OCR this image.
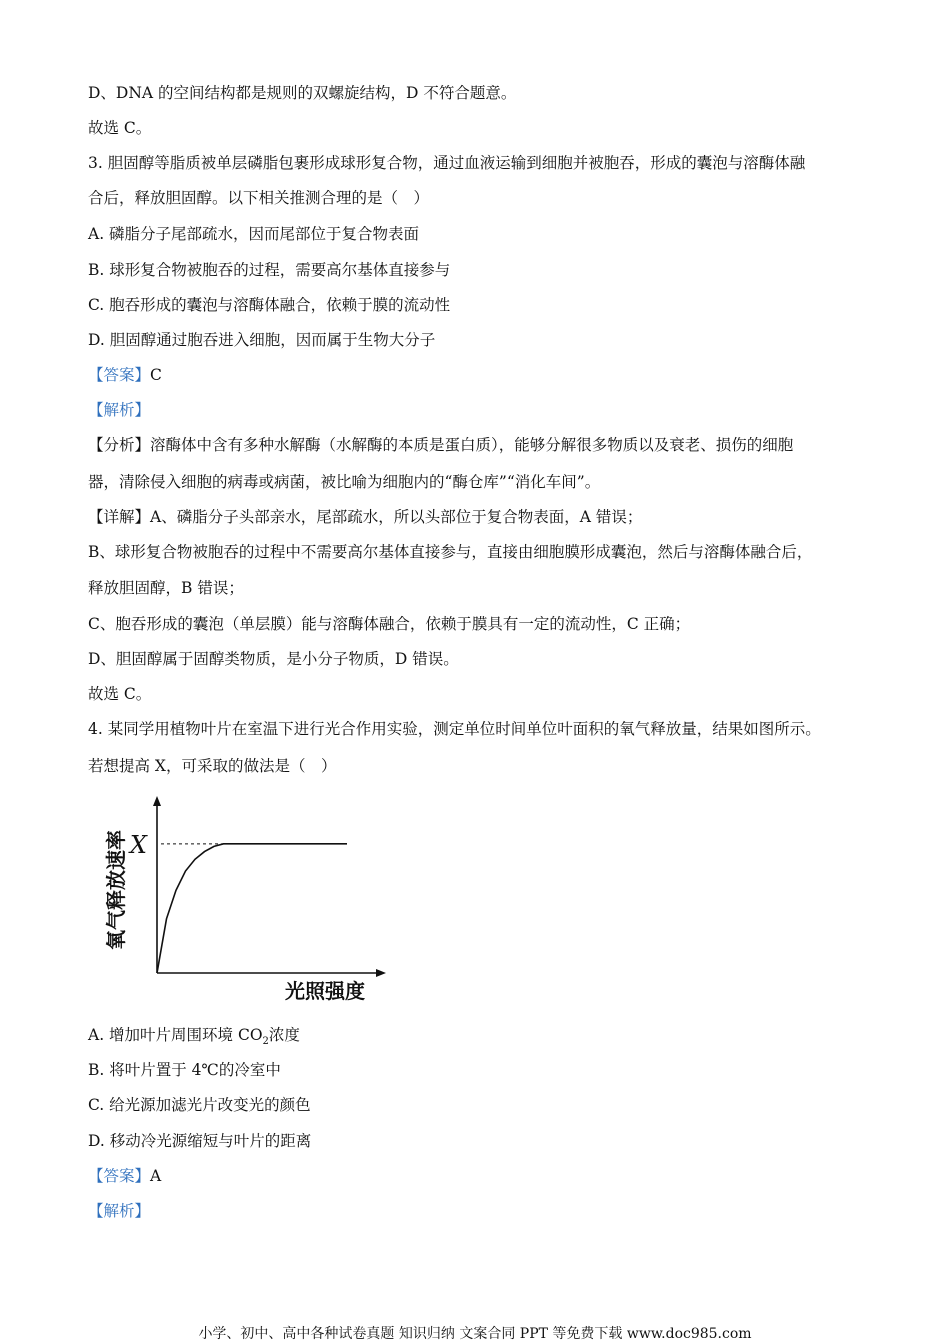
D、DNA 的空间结构都是规则的双螺旋结构，D 不符合题意。
故选 C。
3. 胆固醇等脂质被单层磷脂包裹形成球形复合物，通过血液运输到细胞并被胞吞，形成的囊泡与溶酶体融
合后，释放胆固醇。以下相关推测合理的是（　）
A. 磷脂分子尾部疏水，因而尾部位于复合物表面
B. 球形复合物被胞吞的过程，需要高尔基体直接参与
C. 胞吞形成的囊泡与溶酶体融合，依赖于膜的流动性
D. 胆固醇通过胞吞进入细胞，因而属于生物大分子
【答案】C
【解析】
【分析】溶酶体中含有多种水解酶（水解酶的本质是蛋白质），能够分解很多物质以及衰老、损伤的细胞
器，清除侵入细胞的病毒或病菌，被比喻为细胞内的“酶仓库”“消化车间”。
【详解】A、磷脂分子头部亲水，尾部疏水，所以头部位于复合物表面，A 错误；
B、球形复合物被胞吞的过程中不需要高尔基体直接参与，直接由细胞膜形成囊泡，然后与溶酶体融合后，
释放胆固醇，B 错误；
C、胞吞形成的囊泡（单层膜）能与溶酶体融合，依赖于膜具有一定的流动性，C 正确；
D、胆固醇属于固醇类物质，是小分子物质，D 错误。
故选 C。
4. 某同学用植物叶片在室温下进行光合作用实验，测定单位时间单位叶面积的氧气释放量，结果如图所示。
若想提高 X，可采取的做法是（　）
X
氧气释放速率
光照强度
A. 增加叶片周围环境 $CO_2$浓度
B. 将叶片置于 4℃的冷室中
C. 给光源加滤光片改变光的颜色
D. 移动冷光源缩短与叶片的距离
【答案】A
【解析】
小学、初中、高中各种试卷真题 知识归纳 文案合同 PPT 等免费下载 www.doc985.com
